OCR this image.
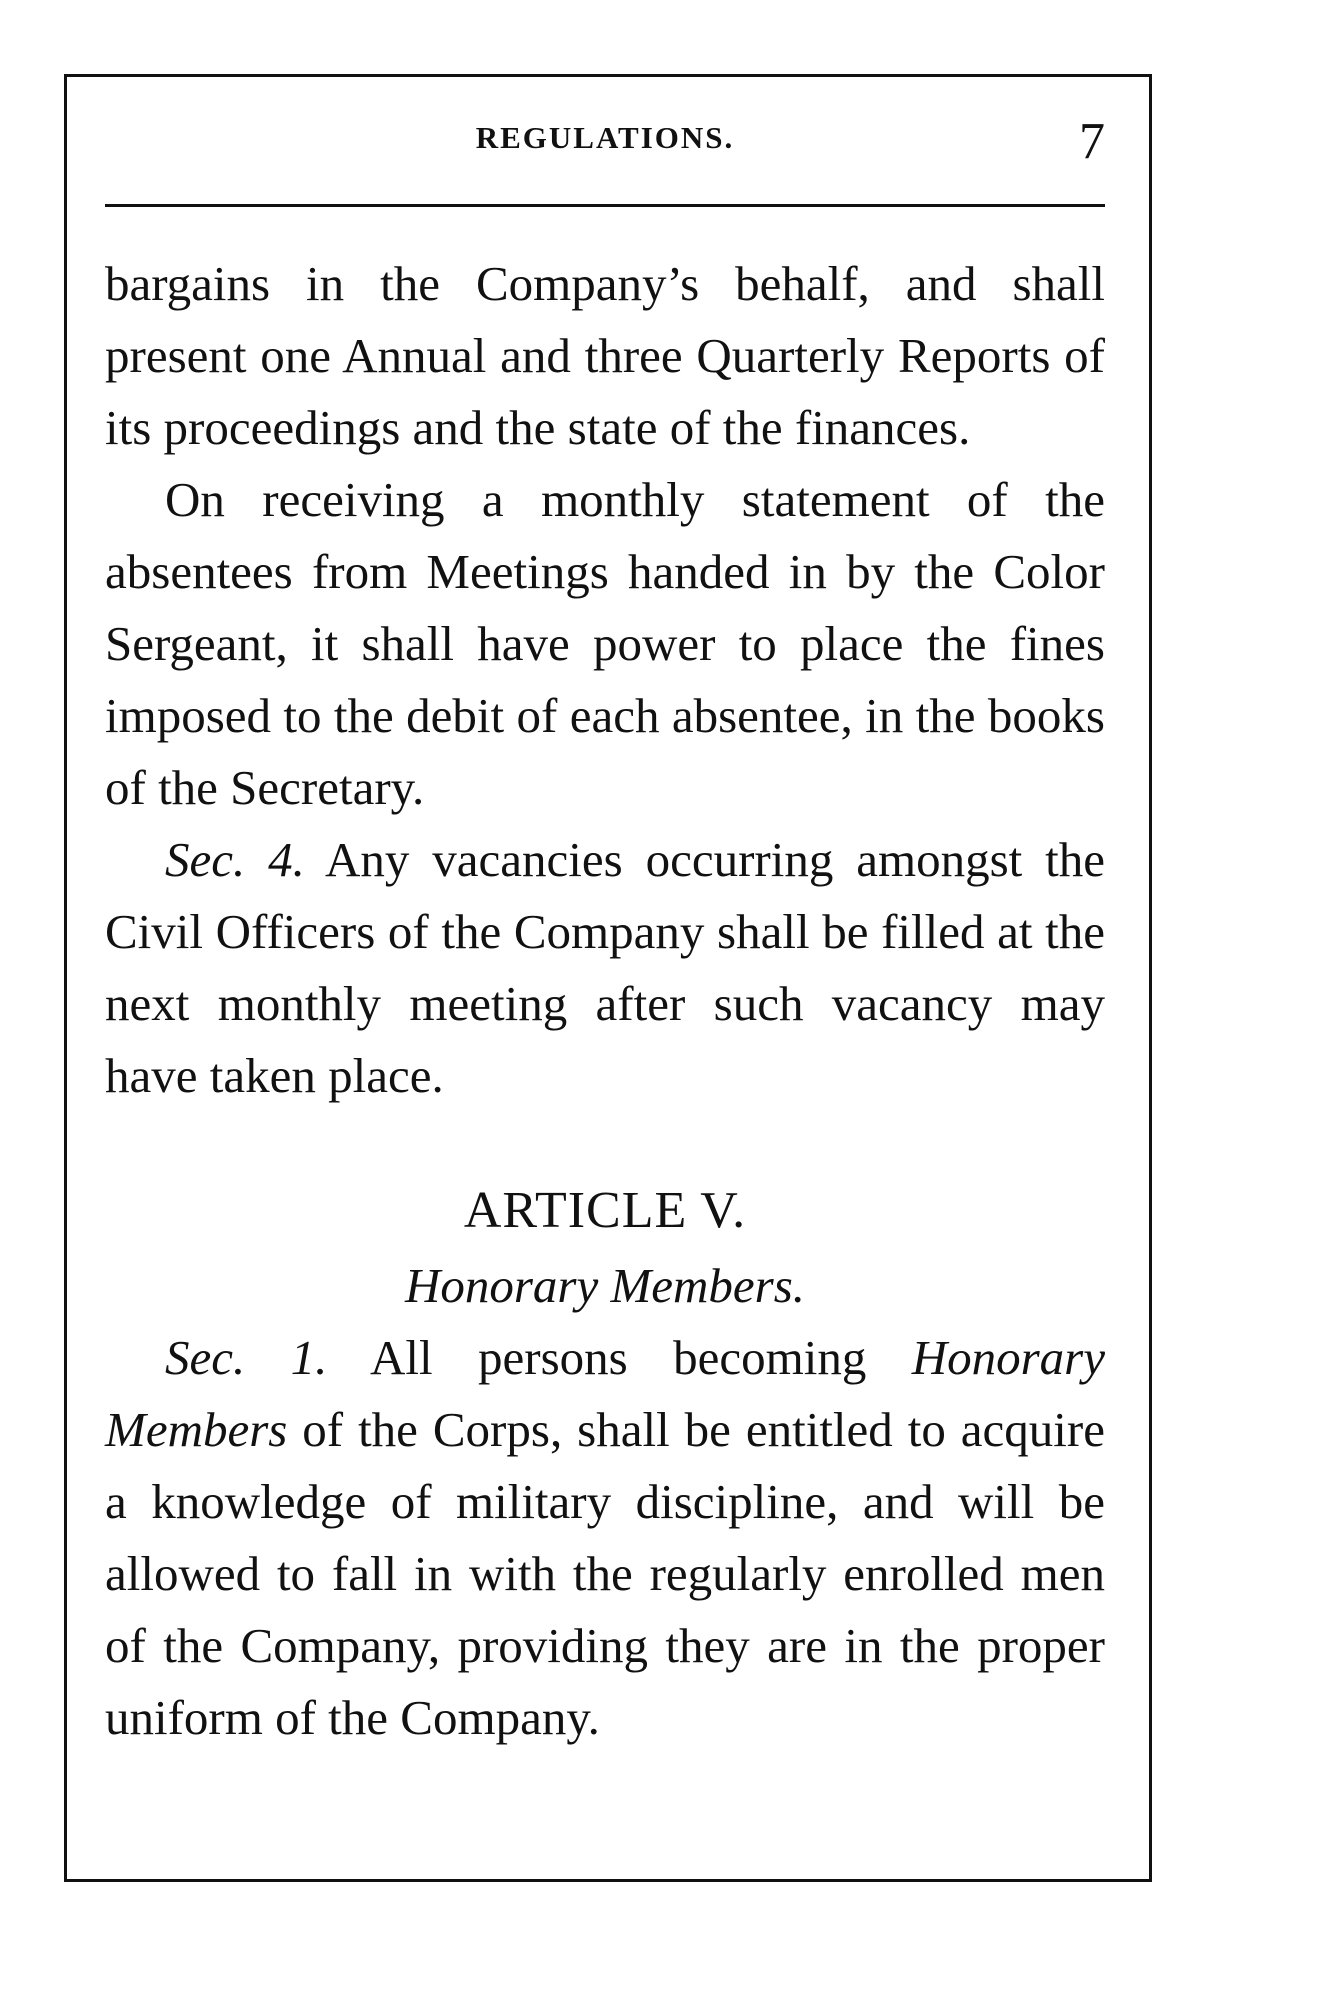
REGULATIONS.	7

bargains in the Company’s behalf, and shall present one Annual and three Quarterly Reports of its proceedings and the state of the finances.

On receiving a monthly statement of the absentees from Meetings handed in by the Color Sergeant, it shall have power to place the fines imposed to the debit of each absentee, in the books of the Secretary.

Sec. 4. Any vacancies occurring amongst the Civil Officers of the Company shall be filled at the next monthly meeting after such vacancy may have taken place.

ARTICLE V.
Honorary Members.

Sec. 1. All persons becoming Honorary Members of the Corps, shall be entitled to acquire a knowledge of military discipline, and will be allowed to fall in with the regularly enrolled men of the Company, providing they are in the proper uniform of the Company.
